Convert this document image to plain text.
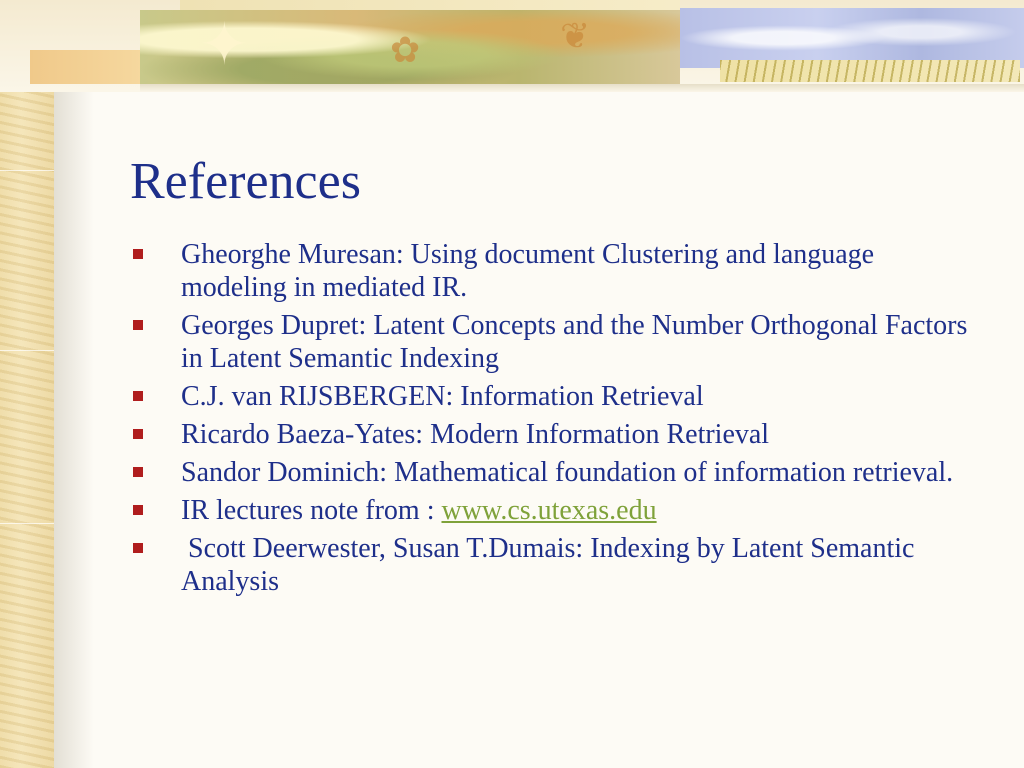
✦	✿	❦
References
Gheorghe Muresan: Using document Clustering and language modeling in mediated IR.
Georges Dupret: Latent Concepts and the Number Orthogonal Factors in Latent Semantic Indexing
C.J. van RIJSBERGEN: Information Retrieval
Ricardo Baeza-Yates: Modern Information Retrieval
Sandor Dominich: Mathematical foundation of information retrieval.
IR lectures note from : www.cs.utexas.edu
Scott Deerwester, Susan T.Dumais: Indexing by Latent Semantic Analysis
